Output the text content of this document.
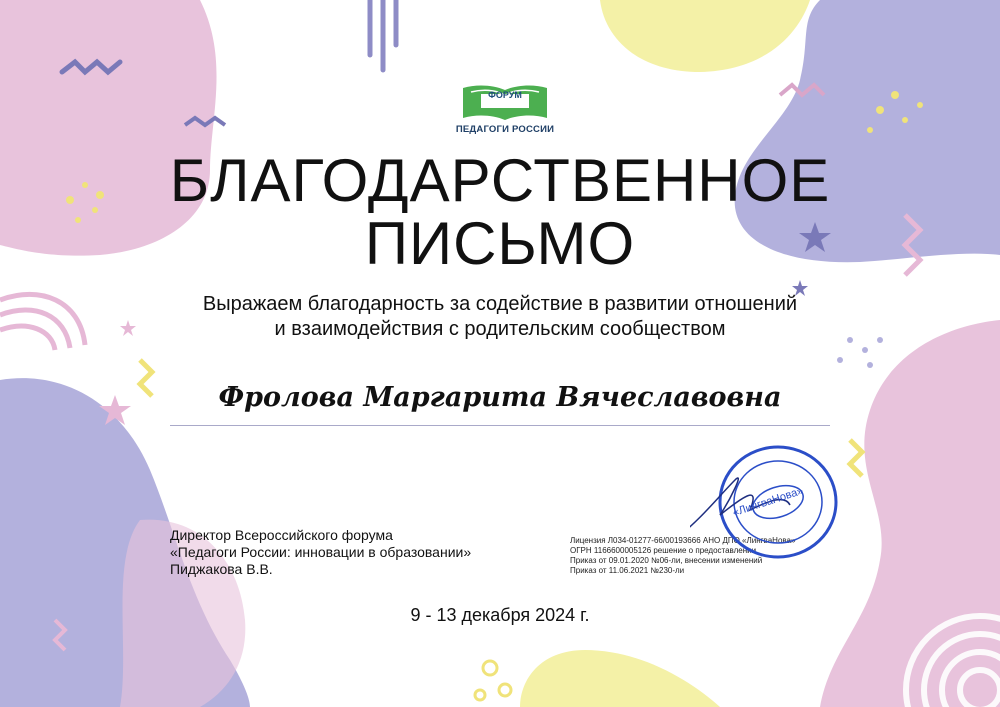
ФОРУМ
ПЕДАГОГИ РОССИИ
БЛАГОДАРСТВЕННОЕ
ПИСЬМО
Выражаем благодарность за содействие в развитии отношений
и взаимодействия с родительским сообществом
Фролова Маргарита Вячеславовна
Директор Всероссийского форума
«Педагоги России: инновации в образовании»
Пиджакова В.В.
Лицензия Л034-01277-66/00193666 АНО ДПО «ЛингваНова»
ОГРН 1166600005126 решение о предоставлении
Приказ от 09.01.2020 №06-ли, внесении изменений
Приказ от 11.06.2021 №230-ли
«ЛингваНова»
9 - 13 декабря 2024 г.
